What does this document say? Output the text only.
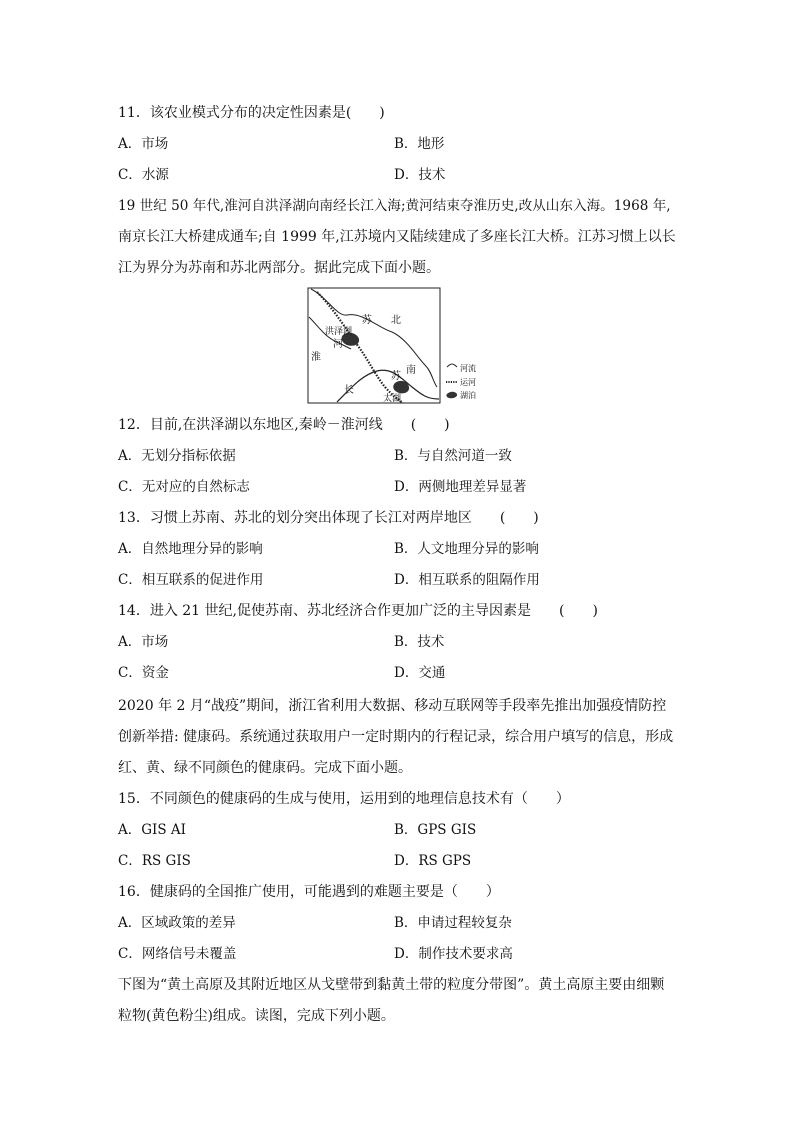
11．该农业模式分布的决定性因素是(　　)
A．市场	B．地形
C．水源	D．技术
19 世纪 50 年代,淮河自洪泽湖向南经长江入海;黄河结束夺淮历史,改从山东入海。1968 年,
南京长江大桥建成通车;自 1999 年,江苏境内又陆续建成了多座长江大桥。江苏习惯上以长
江为界分为苏南和苏北两部分。据此完成下面小题。
洪泽湖
苏 北
河
淮
苏
南
长
太湖
河流
运河
湖泊
12．目前,在洪泽湖以东地区,秦岭－淮河线　　(　　)
A．无划分指标依据	B．与自然河道一致
C．无对应的自然标志	D．两侧地理差异显著
13．习惯上苏南、苏北的划分突出体现了长江对两岸地区　　(　　)
A．自然地理分异的影响	B．人文地理分异的影响
C．相互联系的促进作用	D．相互联系的阻隔作用
14．进入 21 世纪,促使苏南、苏北经济合作更加广泛的主导因素是　　(　　)
A．市场	B．技术
C．资金	D．交通
2020 年 2 月“战疫”期间，浙江省利用大数据、移动互联网等手段率先推出加强疫情防控
创新举措: 健康码。系统通过获取用户一定时期内的行程记录，综合用户填写的信息，形成
红、黄、绿不同颜色的健康码。完成下面小题。
15．不同颜色的健康码的生成与使用，运用到的地理信息技术有（　　）
A．GIS AI	B．GPS GIS
C．RS GIS	D．RS GPS
16．健康码的全国推广使用，可能遇到的难题主要是（　　）
A．区域政策的差异	B．申请过程较复杂
C．网络信号未覆盖	D．制作技术要求高
下图为“黄土高原及其附近地区从戈壁带到黏黄土带的粒度分带图”。黄土高原主要由细颗
粒物(黄色粉尘)组成。读图，完成下列小题。
